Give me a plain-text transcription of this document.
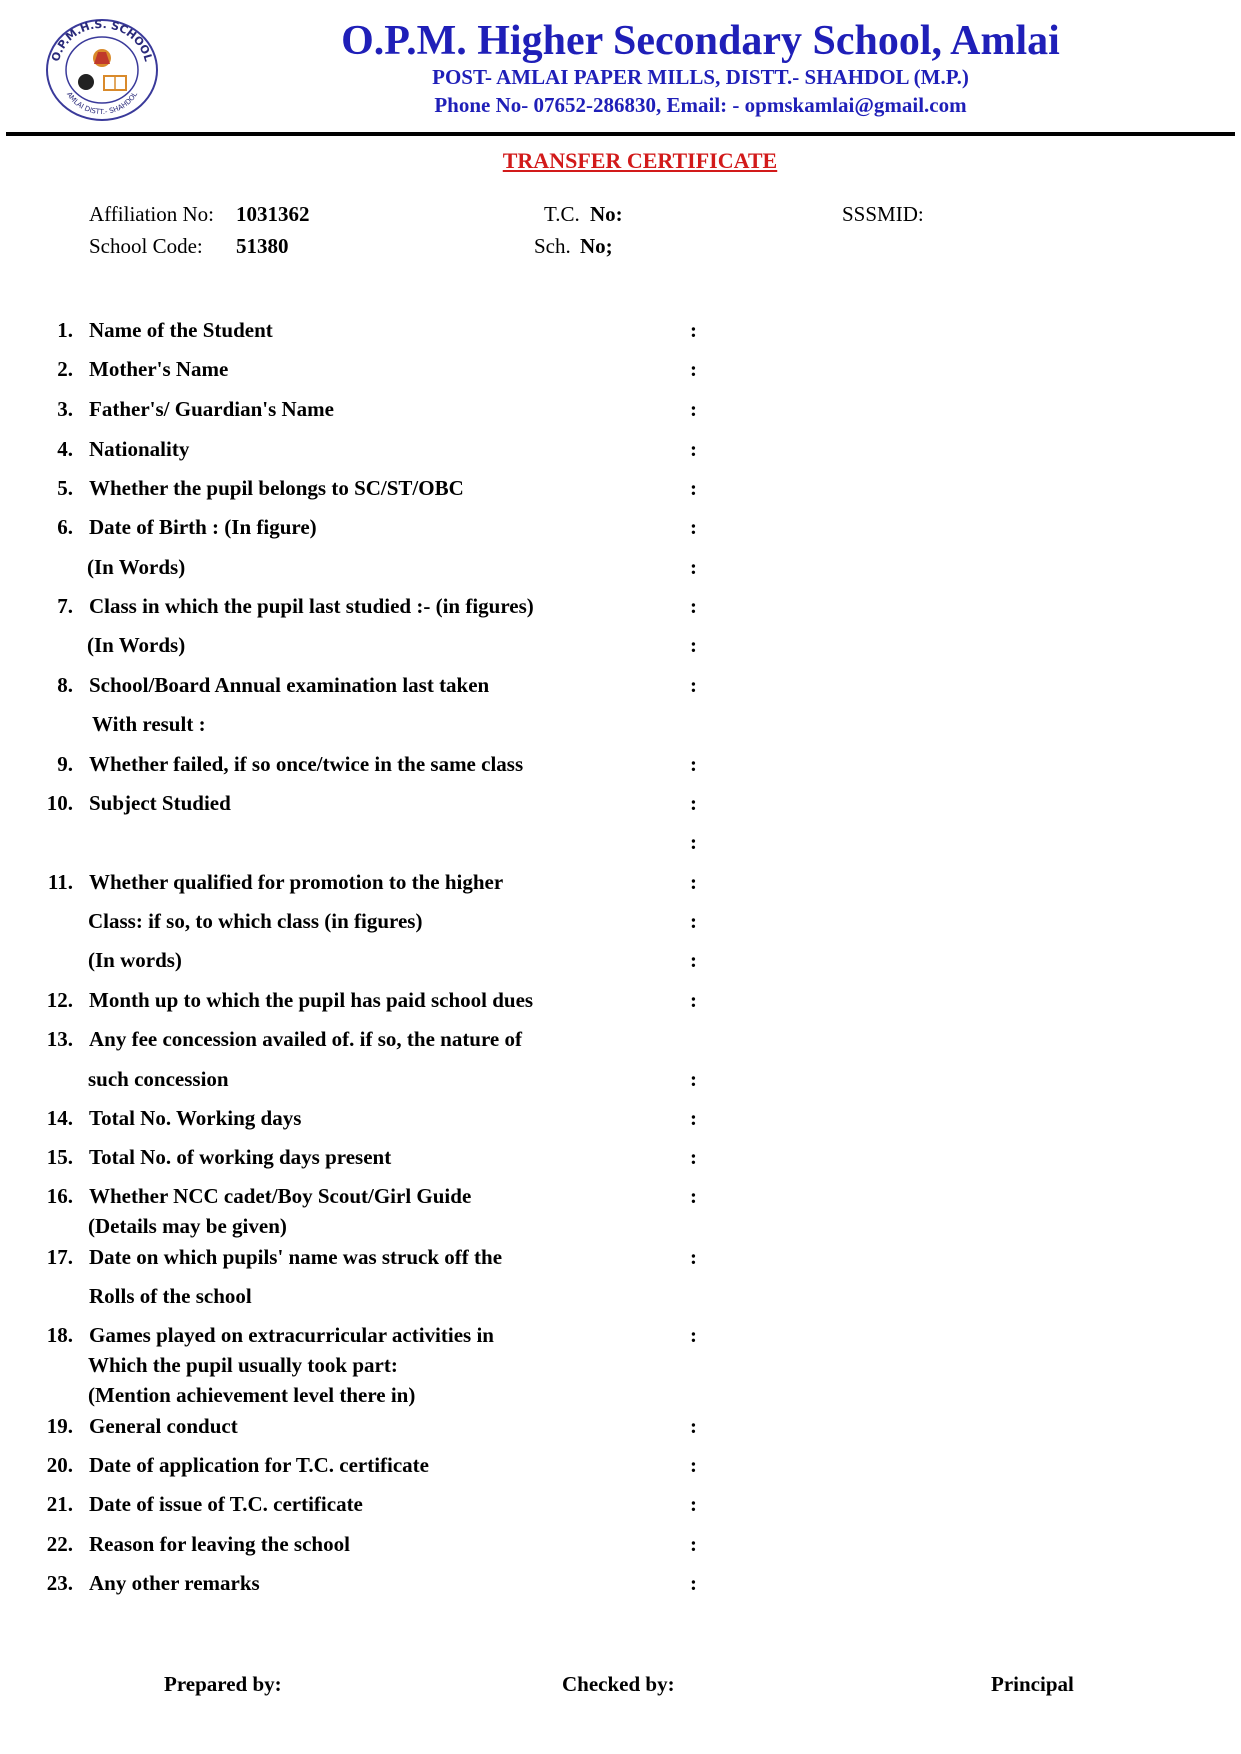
O.P.M.H.S. SCHOOL
AMLAI DISTT.- SHAHDOL
O.P.M. Higher Secondary School, Amlai
POST- AMLAI PAPER MILLS, DISTT.- SHAHDOL (M.P.)
Phone No- 07652-286830, Email: - opmskamlai@gmail.com
TRANSFER CERTIFICATE
Affiliation No: 1031362	T.C. No:	SSSMID:
School Code: 51380	Sch. No;
1. Name of the Student	:
2. Mother's Name	:
3. Father's/ Guardian's Name	:
4. Nationality	:
5. Whether the pupil belongs to SC/ST/OBC	:
6. Date of Birth : (In figure)	:
(In Words)	:
7. Class in which the pupil last studied :- (in figures)	:
(In Words)	:
8. School/Board Annual examination last taken	:
With result :
9. Whether failed, if so once/twice in the same class	:
10. Subject Studied	:
:
11. Whether qualified for promotion to the higher	:
Class: if so, to which class (in figures)	:
(In words)	:
12. Month up to which the pupil has paid school dues	:
13. Any fee concession availed of. if so, the nature of
such concession	:
14. Total No. Working days	:
15. Total No. of working days present	:
16. Whether NCC cadet/Boy Scout/Girl Guide	:
(Details may be given)
17. Date on which pupils' name was struck off the	:
Rolls of the school
18. Games played on extracurricular activities in	:
Which the pupil usually took part:
(Mention achievement level there in)
19. General conduct	:
20. Date of application for T.C. certificate	:
21. Date of issue of T.C. certificate	:
22. Reason for leaving the school	:
23. Any other remarks	:
Prepared by:	Checked by:	Principal
